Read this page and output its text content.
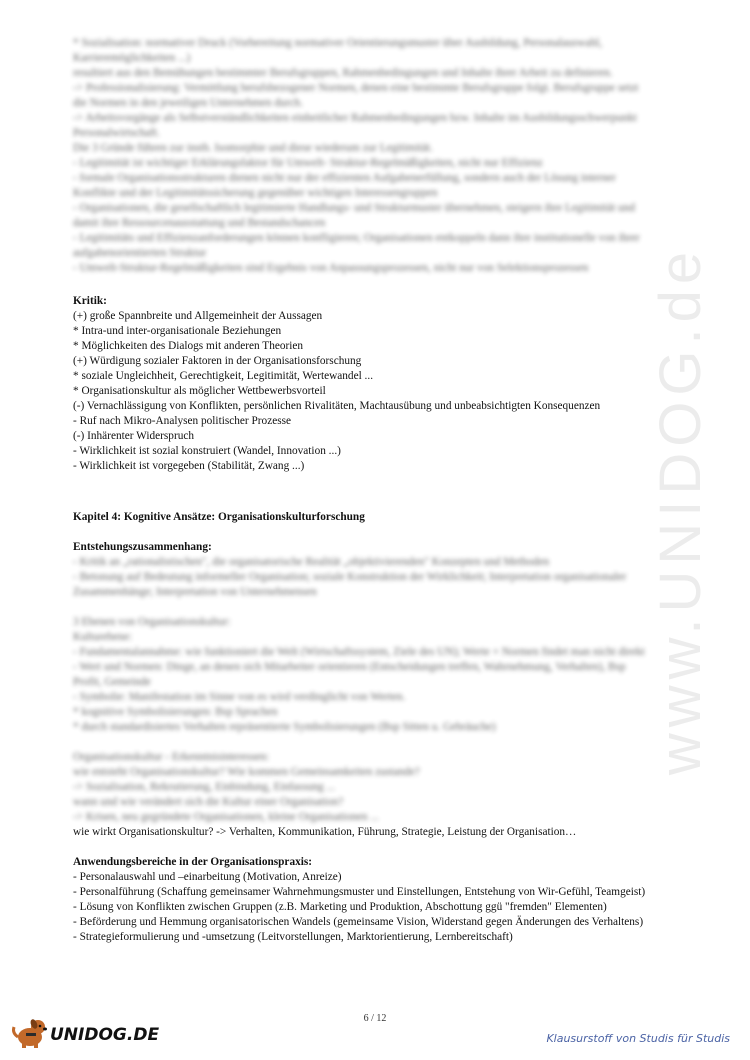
www.UNIDOG.de
* Sozialisation: normativer Druck (Vorbereitung normativer Orientierungsmuster über Ausbildung, Personalauswahl,
Karrieremöglichkeiten ...)
resultiert aus den Bemühungen bestimmter Berufsgruppen, Rahmenbedingungen und Inhalte ihrer Arbeit zu definieren.
-> Professionalisierung: Vermittlung berufsbezogener Normen, denen eine bestimmte Berufsgruppe folgt. Berufsgruppe setzt
die Normen in den jeweiligen Unternehmen durch.
-> Arbeitsvorgänge als Selbstverständlichkeiten einheitlicher Rahmenbedingungen bzw. Inhalte im Ausbildungsschwerpunkt
Personalwirtschaft.
Die 3 Gründe führen zur insth. Isomorphie und diese wiederum zur Legitimität.
- Legitimität ist wichtiger Erklärungsfaktor für Umwelt- Struktur-Regelmäßigkeiten, nicht nur Effizienz
- formale Organisationsstrukturen dienen nicht nur der effizienten Aufgabenerfüllung, sondern auch der Lösung interner
Konflikte und der Legitimitätssicherung gegenüber wichtigen Interessengruppen
- Organisationen, die gesellschaftlich legitimierte Handlungs- und Strukturmuster übernehmen, steigern ihre Legitimität und
damit ihre Ressourcenausstattung und Bestandschancen
- Legitimitäts und Effizienzanforderungen können konfligieren; Organisationen entkoppeln dann ihre institutionelle von ihrer
aufgabenorientierten Struktur
- Umwelt-Struktur-Regelmäßigkeiten sind Ergebnis von Anpassungsprozessen, nicht nur von Selektionsprozessen
Kritik:
(+) große Spannbreite und Allgemeinheit der Aussagen
* Intra-und inter-organisationale Beziehungen
* Möglichkeiten des Dialogs mit anderen Theorien
(+) Würdigung sozialer Faktoren in der Organisationsforschung
* soziale Ungleichheit, Gerechtigkeit, Legitimität, Wertewandel ...
* Organisationskultur als möglicher Wettbewerbsvorteil
(-) Vernachlässigung von Konflikten, persönlichen Rivalitäten, Machtausübung und unbeabsichtigten Konsequenzen
- Ruf nach Mikro-Analysen politischer Prozesse
(-) Inhärenter Widerspruch
- Wirklichkeit ist sozial konstruiert (Wandel, Innovation ...)
- Wirklichkeit ist vorgegeben (Stabilität, Zwang ...)
Kapitel 4: Kognitive Ansätze: Organisationskulturforschung
Entstehungszusammenhang:
- Kritik an „rationalistischen", die organisatorische Realität „objektivierenden" Konzepten und Methoden
- Betonung auf Bedeutung informeller Organisation; soziale Konstruktion der Wirklichkeit; Interpretation organisationaler
Zusammenhänge; Interpretation von Unternehmensen
3 Ebenen von Organisationskultur:
Kulturebene:
- Fundamentalannahme: wie funktioniert die Welt (Wirtschaftssystem, Ziele des UN); Werte + Normen findet man nicht direkt
- Wert und Normen: Dinge, an denen sich Mitarbeiter orientieren (Entscheidungen treffen, Wahrnehmung, Verhalten), Bsp
Profit, Gemeinde
- Symbolie: Manifestation im Sinne von es wird verdinglicht von Werten.
* kognitive Symbolisierungen: Bsp Sprachen
* durch standardisiertes Verhalten repräsentierte Symbolisierungen (Bsp Sitten u. Gebräuche)
Organisationskultur - Erkenntnisinteressen:
wie entsteht Organisationskultur? Wie kommen Gemeinsamkeiten zustande?
-> Sozialisation, Rekrutierung, Einbindung, Einfassung ...
wann und wie verändert sich die Kultur einer Organisation?
-> Krisen, neu gegründete Organisationen, kleine Organisationen ...
wie wirkt Organisationskultur? -> Verhalten, Kommunikation, Führung, Strategie, Leistung der Organisation…
Anwendungsbereiche in der Organisationspraxis:
- Personalauswahl und –einarbeitung (Motivation, Anreize)
- Personalführung (Schaffung gemeinsamer Wahrnehmungsmuster und Einstellungen, Entstehung von Wir-Gefühl, Teamgeist)
- Lösung von Konflikten zwischen Gruppen (z.B. Marketing und Produktion, Abschottung ggü "fremden" Elementen)
- Beförderung und Hemmung organisatorischen Wandels (gemeinsame Vision, Widerstand gegen Änderungen des Verhaltens)
- Strategieformulierung und -umsetzung (Leitvorstellungen, Marktorientierung, Lernbereitschaft)
6 / 12
UNIDOG.DE	Klausurstoff von Studis für Studis
